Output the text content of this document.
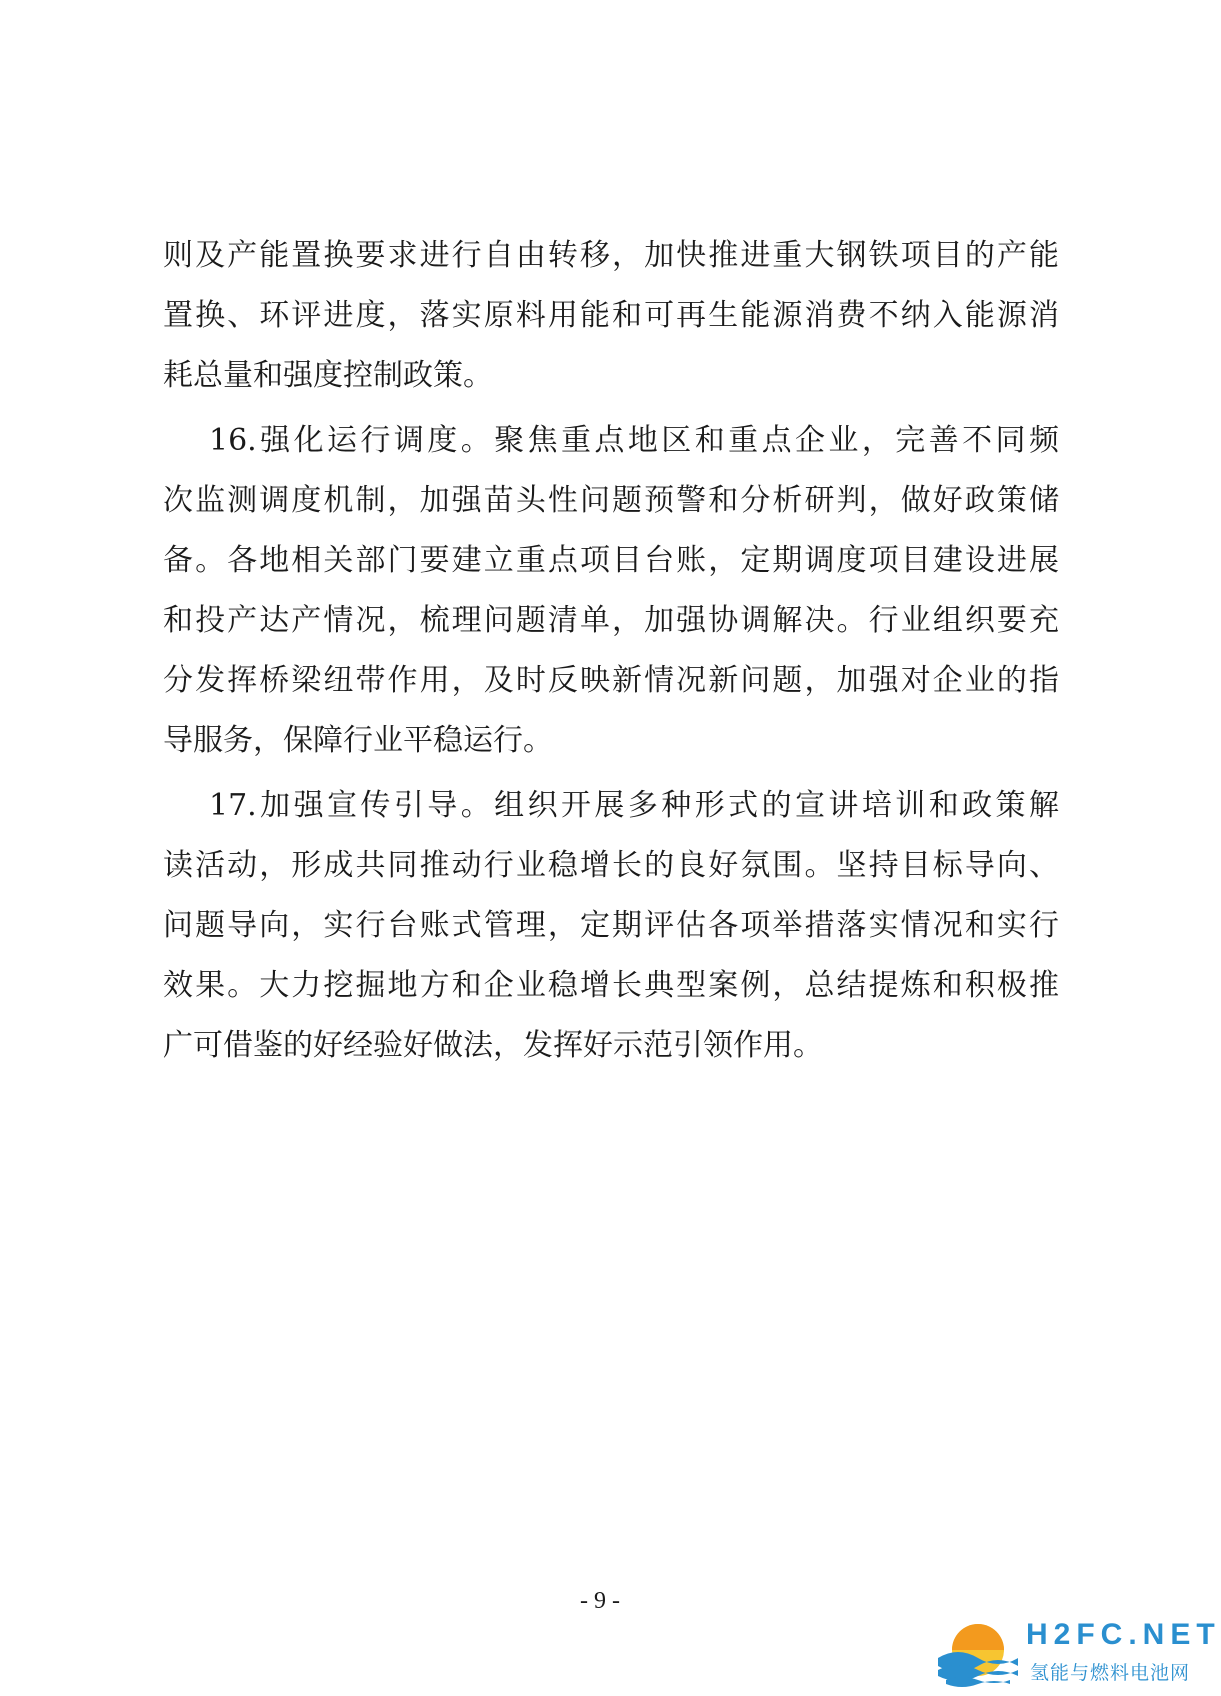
则及产能置换要求进行自由转移，加快推进重大钢铁项目的产能
置换、环评进度，落实原料用能和可再生能源消费不纳入能源消
耗总量和强度控制政策。
16.强化运行调度。聚焦重点地区和重点企业，完善不同频
次监测调度机制，加强苗头性问题预警和分析研判，做好政策储
备。各地相关部门要建立重点项目台账，定期调度项目建设进展
和投产达产情况，梳理问题清单，加强协调解决。行业组织要充
分发挥桥梁纽带作用，及时反映新情况新问题，加强对企业的指
导服务，保障行业平稳运行。
17.加强宣传引导。组织开展多种形式的宣讲培训和政策解
读活动，形成共同推动行业稳增长的良好氛围。坚持目标导向、
问题导向，实行台账式管理，定期评估各项举措落实情况和实行
效果。大力挖掘地方和企业稳增长典型案例，总结提炼和积极推
广可借鉴的好经验好做法，发挥好示范引领作用。
- 9 -
H2FC.NET
氢能与燃料电池网
